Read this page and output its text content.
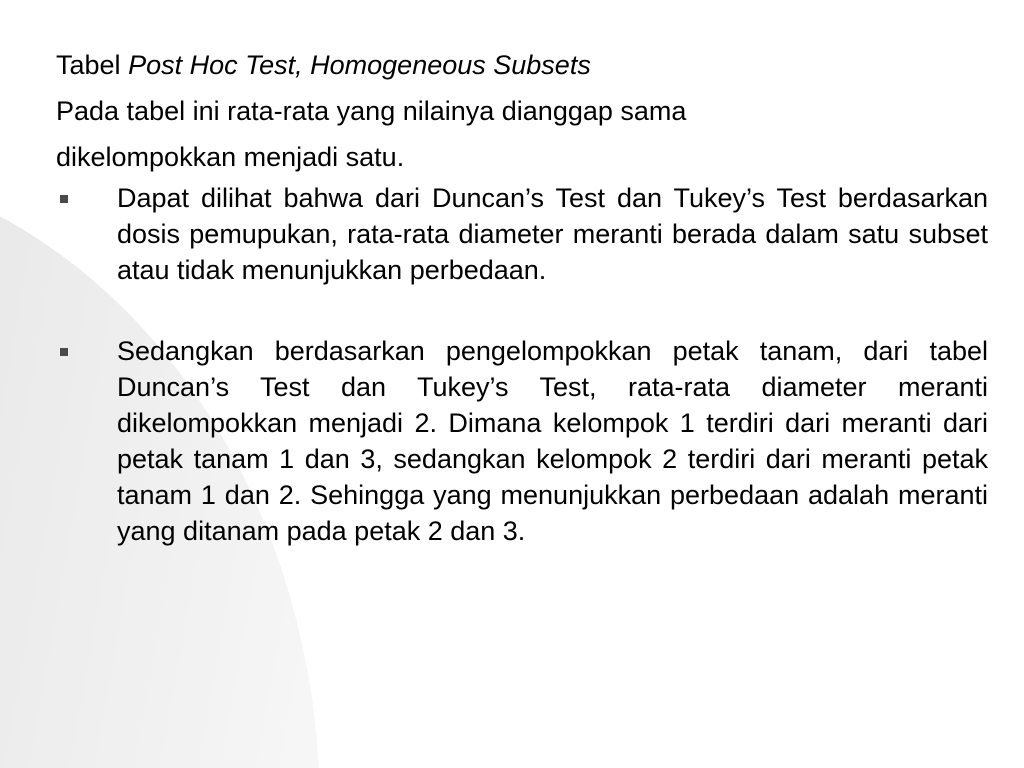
Tabel Post Hoc Test, Homogeneous Subsets

Pada tabel ini rata-rata yang nilainya dianggap sama

dikelompokkan menjadi satu.

Dapat dilihat bahwa dari Duncan’s Test dan Tukey’s Test berdasarkan dosis pemupukan, rata-rata diameter meranti berada dalam satu subset atau tidak menunjukkan perbedaan.
Sedangkan berdasarkan pengelompokkan petak tanam, dari tabel Duncan’s Test dan Tukey’s Test, rata-rata diameter meranti dikelompokkan menjadi 2. Dimana kelompok 1 terdiri dari meranti dari petak tanam 1 dan 3, sedangkan kelompok 2 terdiri dari meranti petak tanam 1 dan 2. Sehingga yang menunjukkan perbedaan adalah meranti yang ditanam pada petak 2 dan 3.
